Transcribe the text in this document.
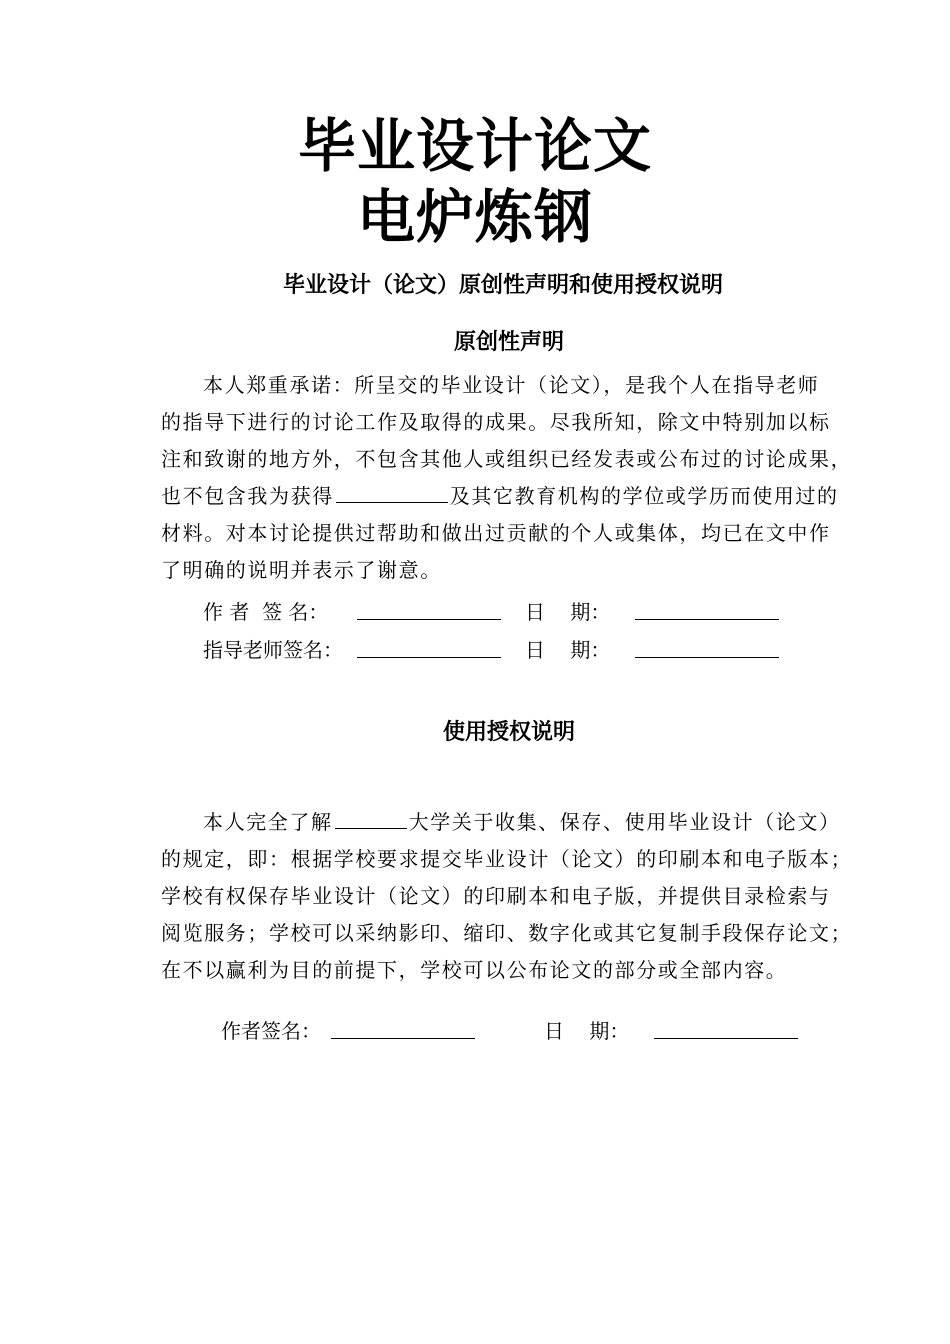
毕业设计论文
电炉炼钢
毕业设计（论文）原创性声明和使用授权说明
原创性声明
本人郑重承诺：所呈交的毕业设计（论文），是我个人在指导老师
的指导下进行的讨论工作及取得的成果。尽我所知，除文中特别加以标
注和致谢的地方外，不包含其他人或组织已经发表或公布过的讨论成果，
也不包含我为获得	及其它教育机构的学位或学历而使用过的
材料。对本讨论提供过帮助和做出过贡献的个人或集体，均已在文中作
了明确的说明并表示了谢意。
作 者  签 名：	日    期：
指导老师签名：	日    期：
使用授权说明
本人完全了解	大学关于收集、保存、使用毕业设计（论文）
的规定，即：根据学校要求提交毕业设计（论文）的印刷本和电子版本；
学校有权保存毕业设计（论文）的印刷本和电子版，并提供目录检索与
阅览服务；学校可以采纳影印、缩印、数字化或其它复制手段保存论文；
在不以赢利为目的前提下，学校可以公布论文的部分或全部内容。
作者签名：	日    期：
